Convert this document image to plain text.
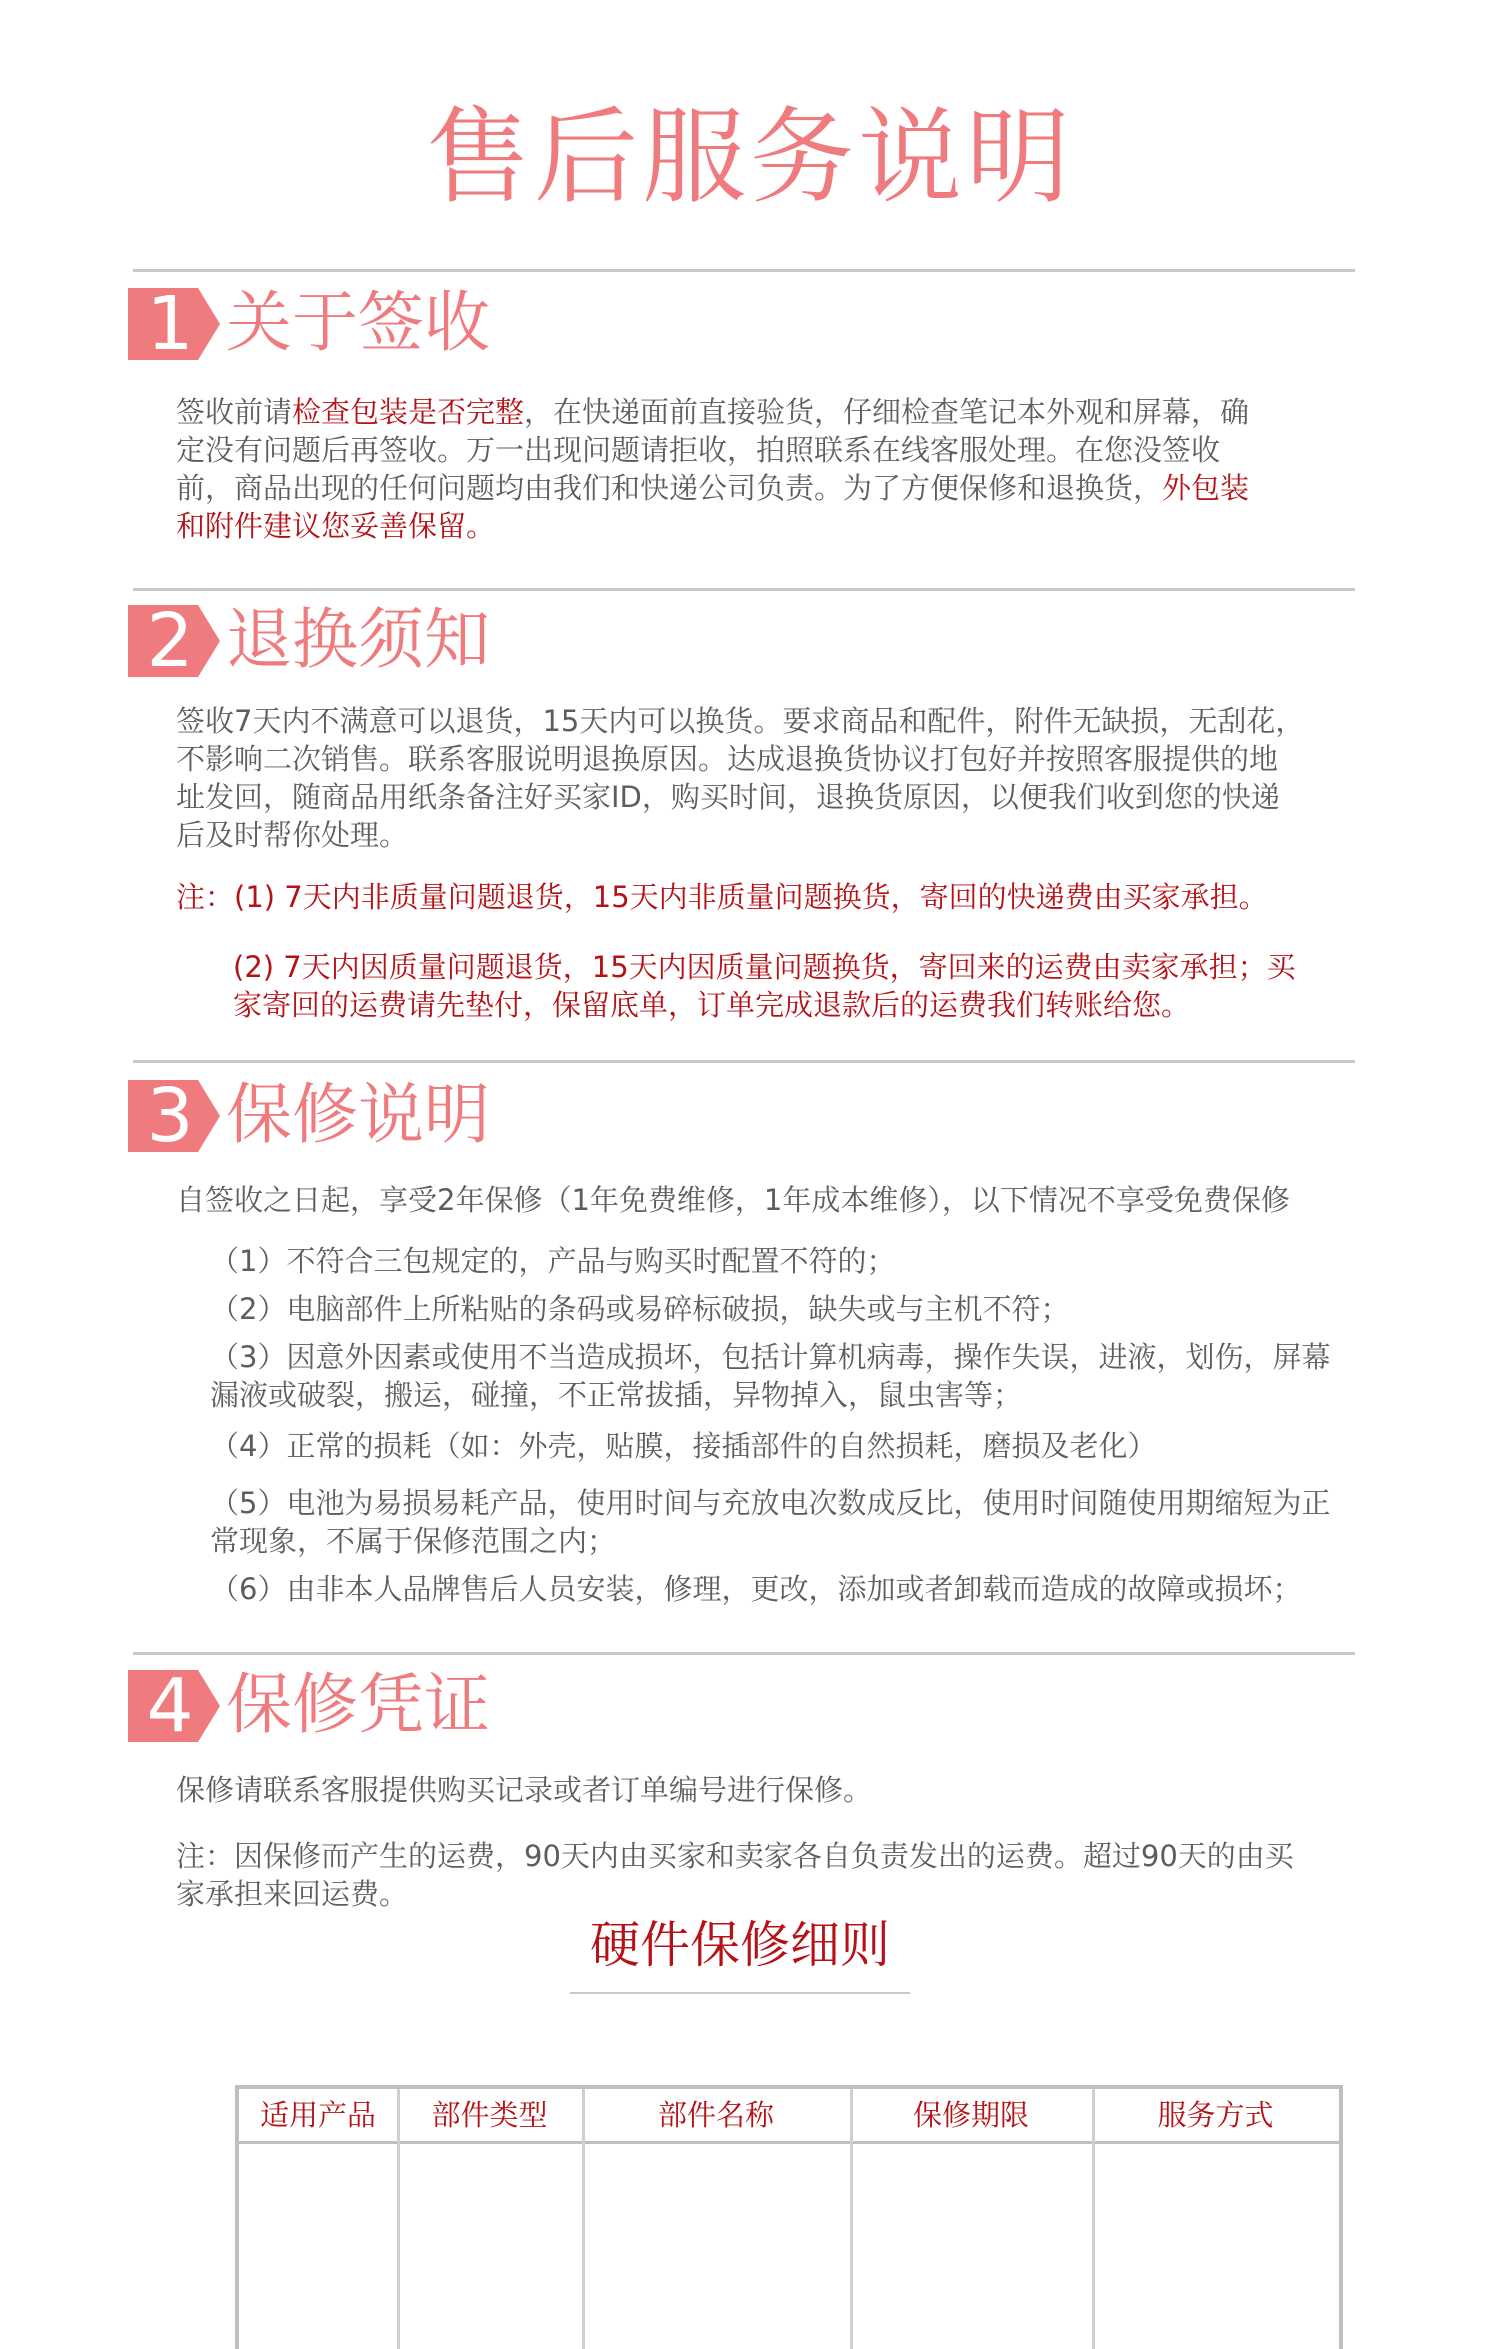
售后服务说明
1 关于签收

签收前请检查包装是否完整，在快递面前直接验货，仔细检查笔记本外观和屏幕，确定没有问题后再签收。万一出现问题请拒收，拍照联系在线客服处理。在您没签收前，商品出现的任何问题均由我们和快递公司负责。为了方便保修和退换货，外包装和附件建议您妥善保留。

2 退换须知

签收7天内不满意可以退货，15天内可以换货。要求商品和配件，附件无缺损，无刮花，不影响二次销售。联系客服说明退换原因。达成退换货协议打包好并按照客服提供的地址发回，随商品用纸条备注好买家ID，购买时间，退换货原因，以便我们收到您的快递后及时帮你处理。

注：(1) 7天内非质量问题退货，15天内非质量问题换货，寄回的快递费由买家承担。

(2) 7天内因质量问题退货，15天内因质量问题换货，寄回来的运费由卖家承担；买家寄回的运费请先垫付，保留底单，订单完成退款后的运费我们转账给您。

3 保修说明

自签收之日起，享受2年保修（1年免费维修，1年成本维修），以下情况不享受免费保修

（1）不符合三包规定的，产品与购买时配置不符的；

（2）电脑部件上所粘贴的条码或易碎标破损，缺失或与主机不符；

（3）因意外因素或使用不当造成损坏，包括计算机病毒，操作失误，进液，划伤，屏幕漏液或破裂，搬运，碰撞，不正常拔插，异物掉入，鼠虫害等；

（4）正常的损耗（如：外壳，贴膜，接插部件的自然损耗，磨损及老化）

（5）电池为易损易耗产品，使用时间与充放电次数成反比，使用时间随使用期缩短为正常现象，不属于保修范围之内；

（6）由非本人品牌售后人员安装，修理，更改，添加或者卸载而造成的故障或损坏；

4 保修凭证

保修请联系客服提供购买记录或者订单编号进行保修。

注：因保修而产生的运费，90天内由买家和卖家各自负责发出的运费。超过90天的由买家承担来回运费。

硬件保修细则
适用产品	部件类型	部件名称	保修期限	服务方式
